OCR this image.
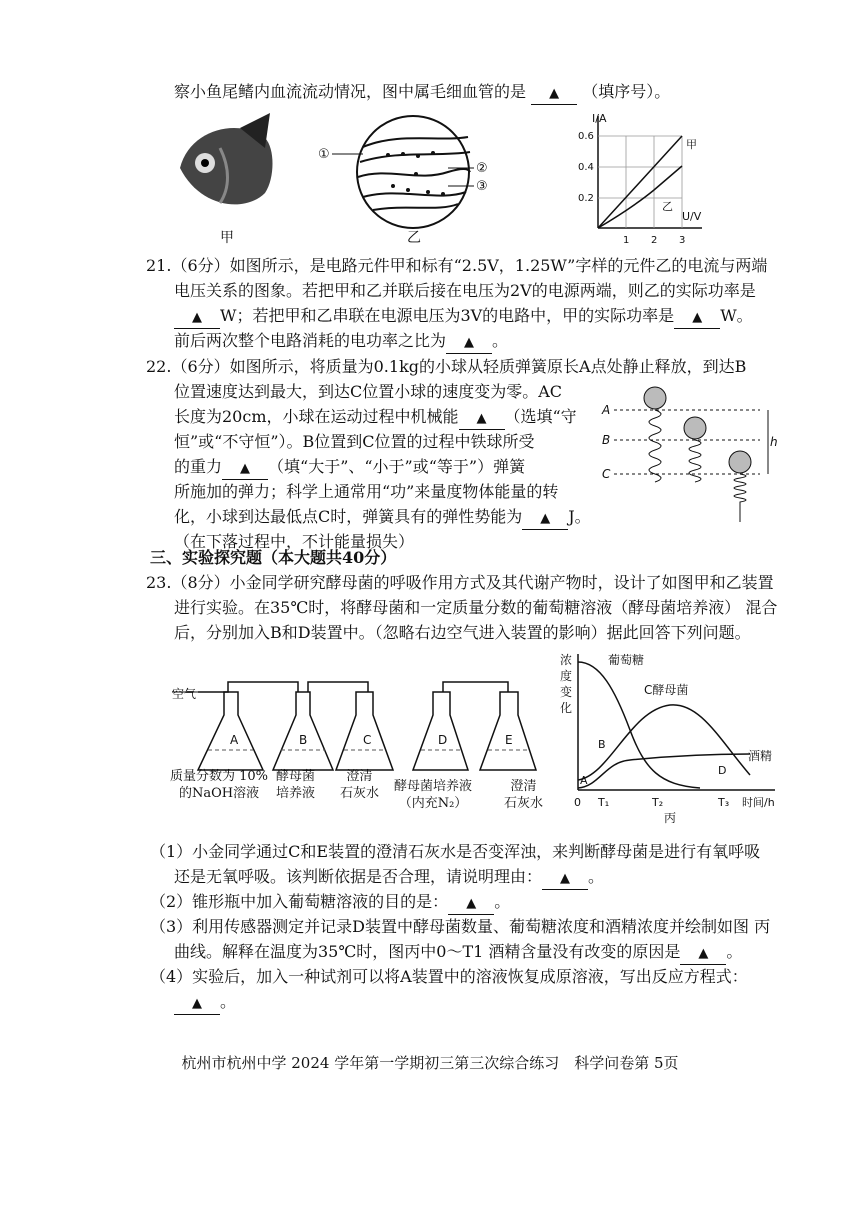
察小鱼尾鳍内血流流动情况，图中属毛细血管的是 ▲ （填序号）。
甲
①
②
③
乙
I/A
U/V
0.6
0.4
0.2
1 2 3
甲
乙
21.（6分）如图所示，是电路元件甲和标有“2.5V，1.25W”字样的元件乙的电流与两端
电压关系的图象。若把甲和乙并联后接在电压为2V的电源两端，则乙的实际功率是
▲ W；若把甲和乙串联在电源电压为3V的电路中，甲的实际功率是 ▲ W。
前后两次整个电路消耗的电功率之比为 ▲ 。
22.（6分）如图所示，将质量为0.1kg的小球从轻质弹簧原长A点处静止释放，到达B
位置速度达到最大，到达C位置小球的速度变为零。AC
长度为20cm，小球在运动过程中机械能 ▲ （选填“守
恒”或“不守恒”）。B位置到C位置的过程中铁球所受
的重力 ▲ （填“大于”、“小于”或“等于”）弹簧
所施加的弹力；科学上通常用“功”来量度物体能量的转
化，小球到达最低点C时，弹簧具有的弹性势能为 ▲ J。
（在下落过程中，不计能量损失）
A
B
C
h
三、实验探究题（本大题共40分）
23.（8分）小金同学研究酵母菌的呼吸作用方式及其代谢产物时，设计了如图甲和乙装置
进行实验。在35℃时，将酵母菌和一定质量分数的葡萄糖溶液（酵母菌培养液） 混合
后，分别加入B和D装置中。（忽略右边空气进入装置的影响）据此回答下列问题。
空气
A	B	C	D	E
质量分数为 10%
的NaOH溶液
酵母菌
培养液
澄清
石灰水 酵母菌培养液
（内充N₂）
澄清
石灰水
浓
度
变
化
葡萄糖
C酵母菌
酒精
A
B
D
0 T₁	T₂	T₃ 时间/h
丙
（1）小金同学通过C和E装置的澄清石灰水是否变浑浊，来判断酵母菌是进行有氧呼吸
还是无氧呼吸。该判断依据是否合理，请说明理由： ▲ 。
（2）锥形瓶中加入葡萄糖溶液的目的是： ▲ 。
（3）利用传感器测定并记录D装置中酵母菌数量、葡萄糖浓度和酒精浓度并绘制如图 丙
曲线。解释在温度为35℃时，图丙中0～T1 酒精含量没有改变的原因是 ▲ 。
（4）实验后，加入一种试剂可以将A装置中的溶液恢复成原溶液，写出反应方程式：
▲ 。
杭州市杭州中学 2024 学年第一学期初三第三次综合练习　科学问卷第 5页
